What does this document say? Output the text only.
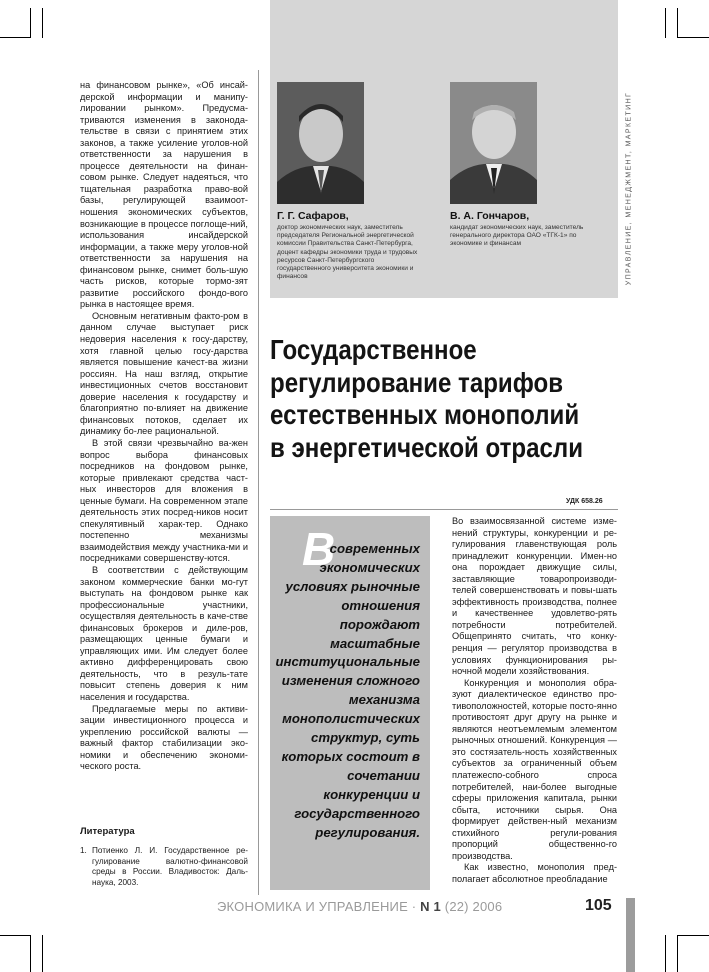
на финансовом рынке», «Об инсай-дерской информации и манипу-лировании рынком». Предусма-триваются изменения в законода-тельстве в связи с принятием этих законов, а также усиление уголов-ной ответственности за нарушения в процессе деятельности на финан-совом рынке. Следует надеяться, что тщательная разработка право-вой базы, регулирующей взаимоот-ношения экономических субъектов, возникающие в процессе поглоще-ний, использования инсайдерской информации, а также меру уголов-ной ответственности за нарушения на финансовом рынке, снимет боль-шую часть рисков, которые тормо-зят развитие российского фондо-вого рынка в настоящее время.

Основным негативным факто-ром в данном случае выступает риск недоверия населения к госу-дарству, хотя главной целью госу-дарства является повышение качест-ва жизни россиян. На наш взгляд, открытие инвестиционных счетов восстановит доверие населения к государству и благоприятно по-влияет на движение финансовых потоков, сделает их динамику бо-лее рациональной.

В этой связи чрезвычайно ва-жен вопрос выбора финансовых посредников на фондовом рынке, которые привлекают средства част-ных инвесторов для вложения в ценные бумаги. На современном этапе деятельность этих посред-ников носит спекулятивный харак-тер. Однако постепенно механизмы взаимодействия между участника-ми и посредниками совершенству-ются.

В соответствии с действующим законом коммерческие банки мо-гут выступать на фондовом рынке как профессиональные участники, осуществляя деятельность в каче-стве финансовых брокеров и дилe-ров, размещающих ценные бумаги и управляющих ими. Им следует более активно дифференцировать свою деятельность, что в резуль-тате повысит степень доверия к ним населения и государства.

Предлагаемые меры по активи-зации инвестиционного процесса и укреплению российской валюты — важный фактор стабилизации эко-номики и обеспечению экономи-ческого роста.

Литература
1. Потиенко Л. И. Государственное ре-гулирование валютно-финансовой среды в России. Владивосток: Даль-наука, 2003.
Г. Г. Сафаров,
доктор экономических наук, заместитель председателя Региональной энергетической комиссии Правительства Санкт-Петербурга, доцент кафедры экономики труда и трудовых ресурсов Санкт-Петербургского государственного университета экономики и финансов
В. А. Гончаров,
кандидат экономических наук, заместитель генерального директора ОАО «ТГК-1» по экономике и финансам	УПРАВЛЕНИЕ, МЕНЕДЖМЕНТ, МАРКЕТИНГ
Государственное
регулирование тарифов
естественных монополий
в энергетической отрасли
УДК 658.26
В
современных экономических условиях рыночные отношения порождают масштабные институциональные изменения сложного механизма монополистических структур, суть которых состоит в сочетании конкуренции и государственного регулирования.

Во взаимосвязанной системе изме-нений структуры, конкуренции и ре-гулирования главенствующая роль принадлежит конкуренции. Имен-но она порождает движущие силы, заставляющие товаропроизводи-телей совершенствовать и повы-шать эффективность производства, полнее и качественнее удовлетво-рять потребности потребителей. Общепринято считать, что конку-ренция — регулятор производства в условиях функционирования ры-ночной модели хозяйствования.

Конкуренция и монополия обра-зуют диалектическое единство про-тивоположностей, которые посто-янно противостоят друг другу на рынке и являются неотъемлемым элементом рыночных отношений. Конкуренция — это состязатель-ность хозяйственных субъектов за ограниченный объем платежеспо-собного спроса потребителей, наи-более выгодные сферы приложения капитала, рынки сбыта, источники сырья. Она формирует действен-ный механизм стихийного регули-рования пропорций общественно-го производства.

Как известно, монополия пред-полагает абсолютное преобладание

ЭКОНОМИКА И УПРАВЛЕНИЕ · N 1 (22) 2006	105
